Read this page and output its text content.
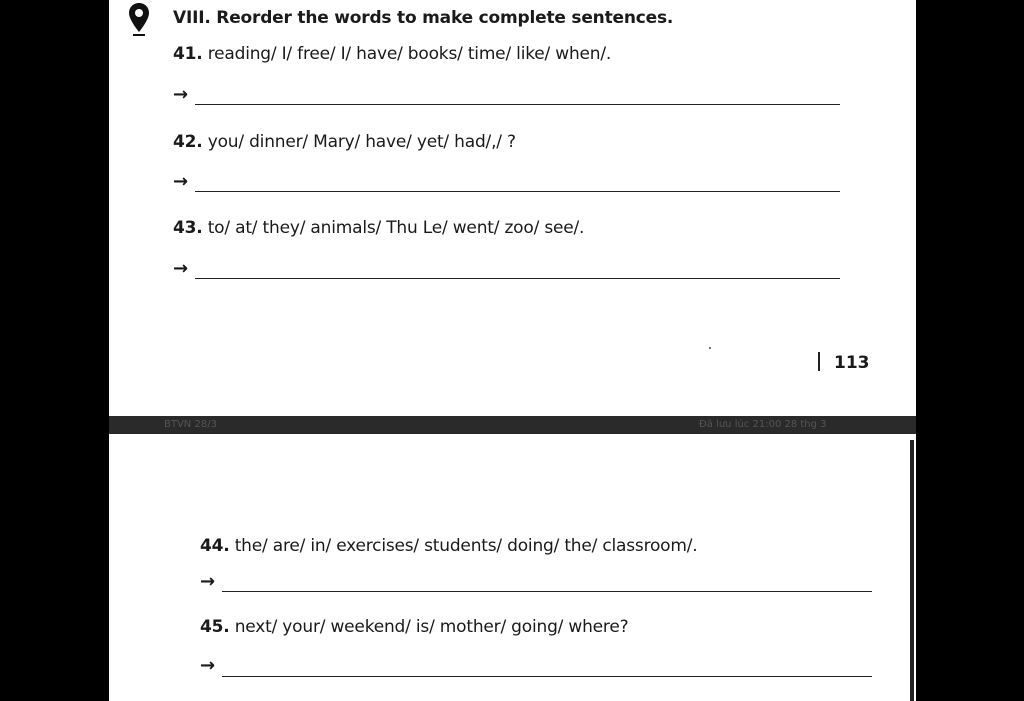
VIII. Reorder the words to make complete sentences.
41. reading/ I/ free/ I/ have/ books/ time/ like/ when/.
→
42. you/ dinner/ Mary/ have/ yet/ had/,/ ?
→
43. to/ at/ they/ animals/ Thu Le/ went/ zoo/ see/.
→
113
BTVN 28/3	Đã lưu lúc 21:00 28 thg 3
44. the/ are/ in/ exercises/ students/ doing/ the/ classroom/.
→
45. next/ your/ weekend/ is/ mother/ going/ where?
→
